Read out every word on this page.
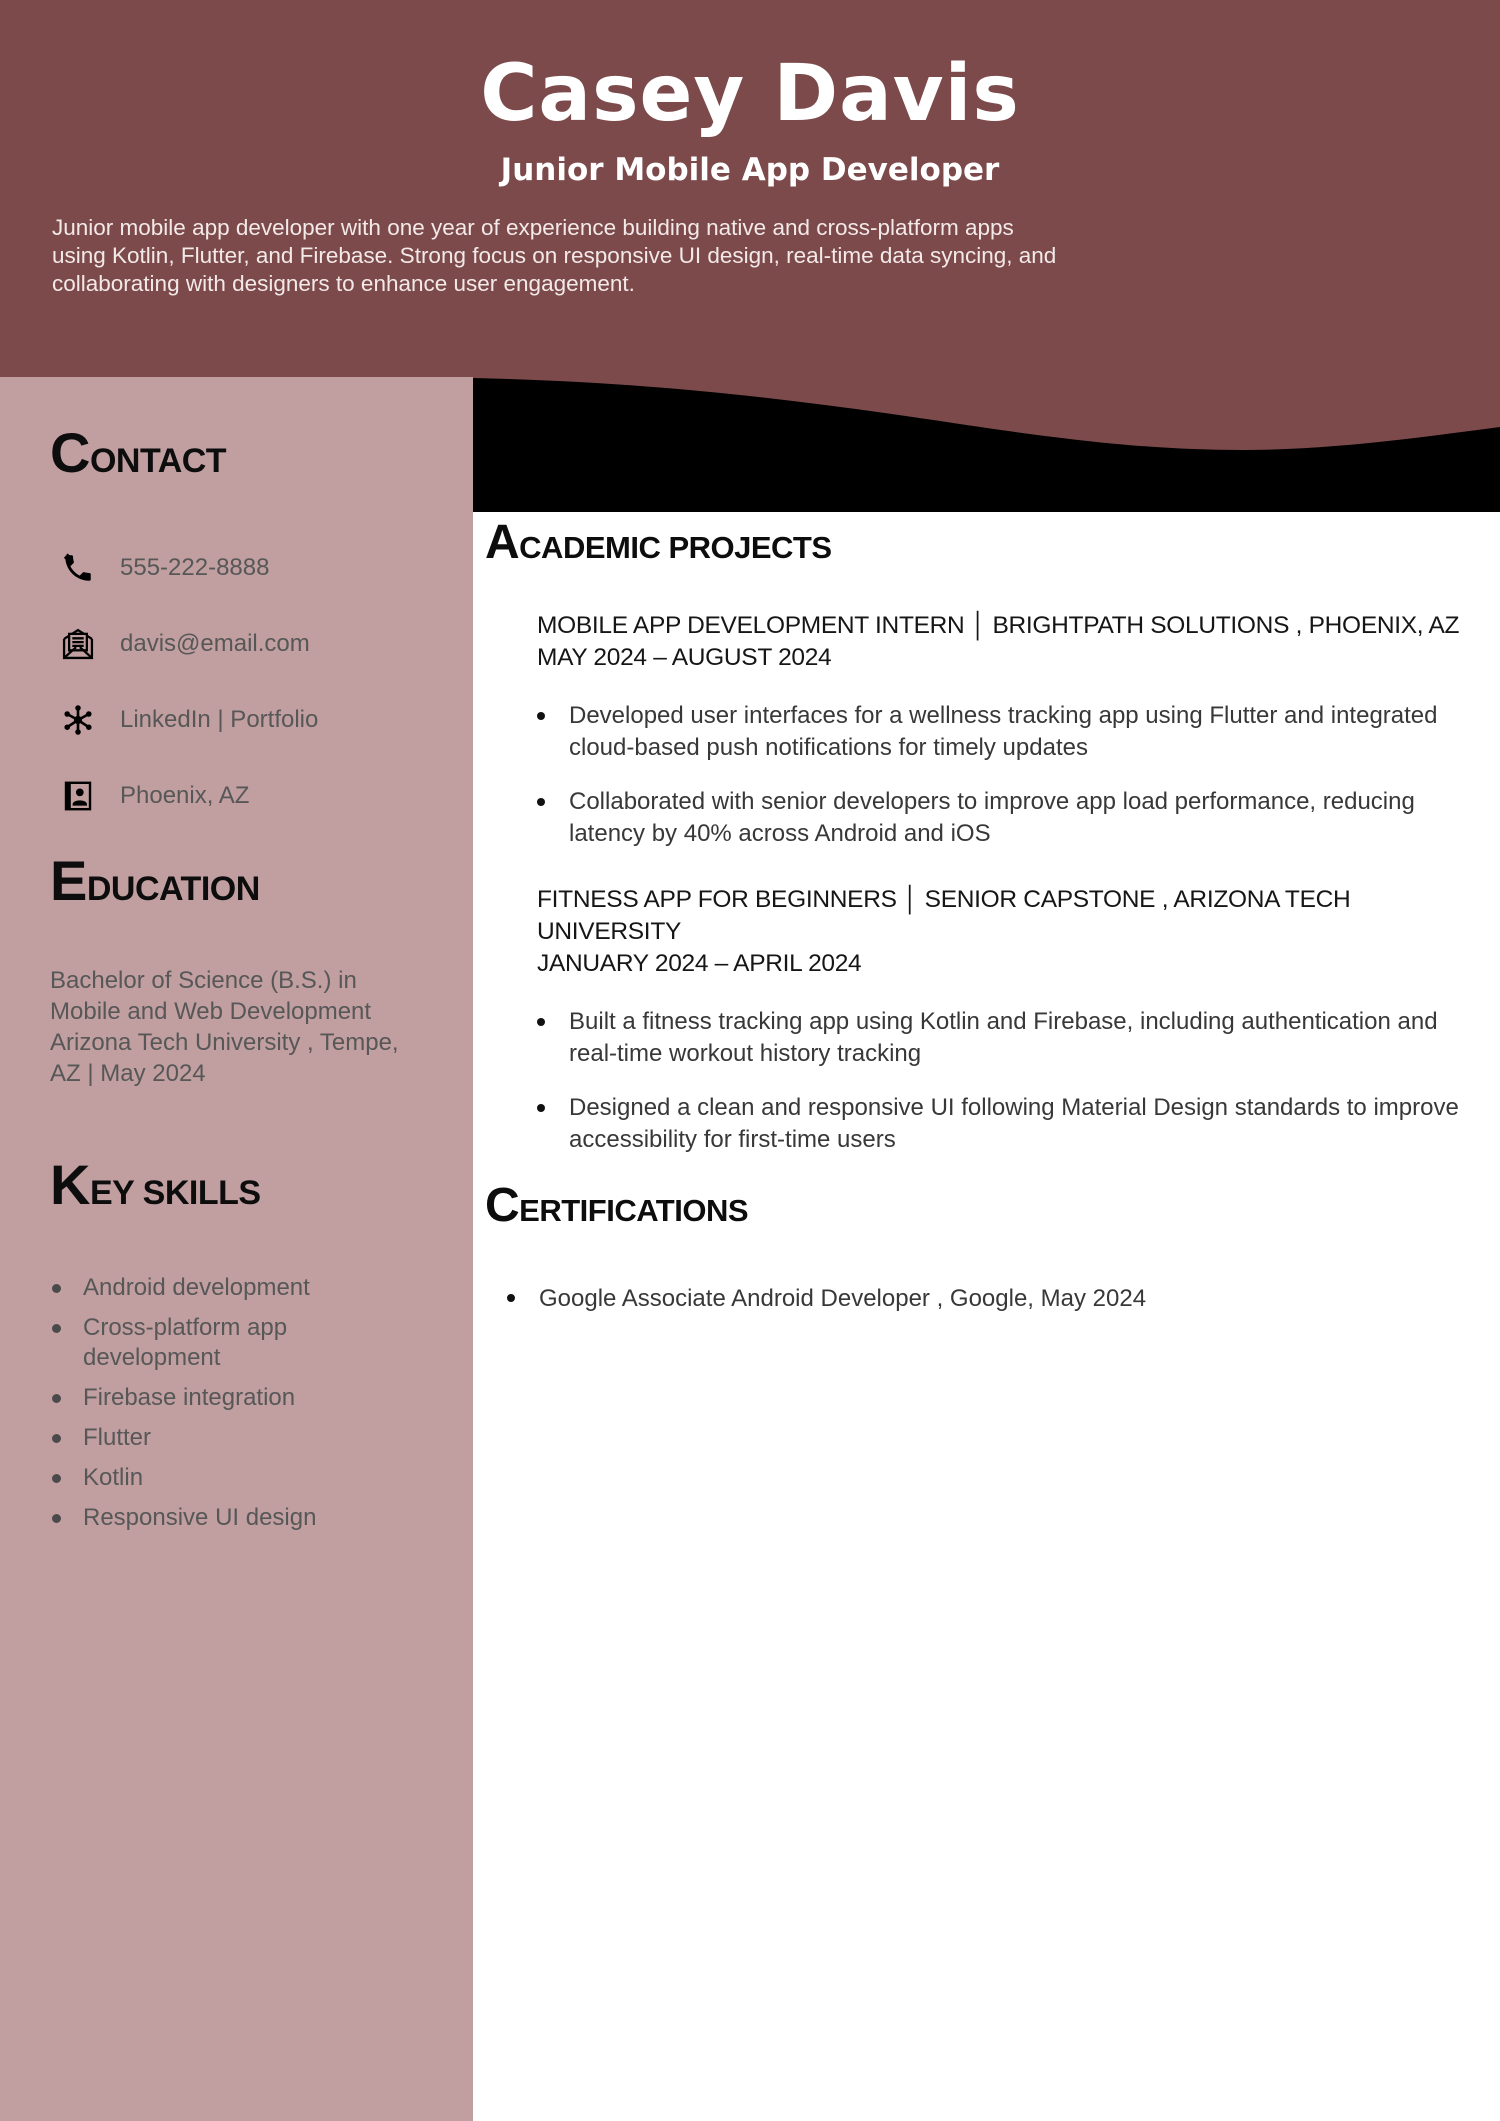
Casey Davis
Junior Mobile App Developer
Junior mobile app developer with one year of experience building native and cross-platform apps using Kotlin, Flutter, and Firebase. Strong focus on responsive UI design, real-time data syncing, and collaborating with designers to enhance user engagement.
CONTACT
555-222-8888
davis@email.com
LinkedIn | Portfolio
Phoenix, AZ
EDUCATION
Bachelor of Science (B.S.) in Mobile and Web Development
Arizona Tech University , Tempe, AZ | May 2024
KEY SKILLS
Android development
Cross-platform app development
Firebase integration
Flutter
Kotlin
Responsive UI design
ACADEMIC PROJECTS
MOBILE APP DEVELOPMENT INTERN │ BRIGHTPATH SOLUTIONS , PHOENIX, AZ
MAY 2024 – AUGUST 2024
Developed user interfaces for a wellness tracking app using Flutter and integrated cloud-based push notifications for timely updates
Collaborated with senior developers to improve app load performance, reducing latency by 40% across Android and iOS
FITNESS APP FOR BEGINNERS │ SENIOR CAPSTONE , ARIZONA TECH UNIVERSITY
JANUARY 2024 – APRIL 2024
Built a fitness tracking app using Kotlin and Firebase, including authentication and real-time workout history tracking
Designed a clean and responsive UI following Material Design standards to improve accessibility for first-time users
CERTIFICATIONS
Google Associate Android Developer , Google, May 2024
